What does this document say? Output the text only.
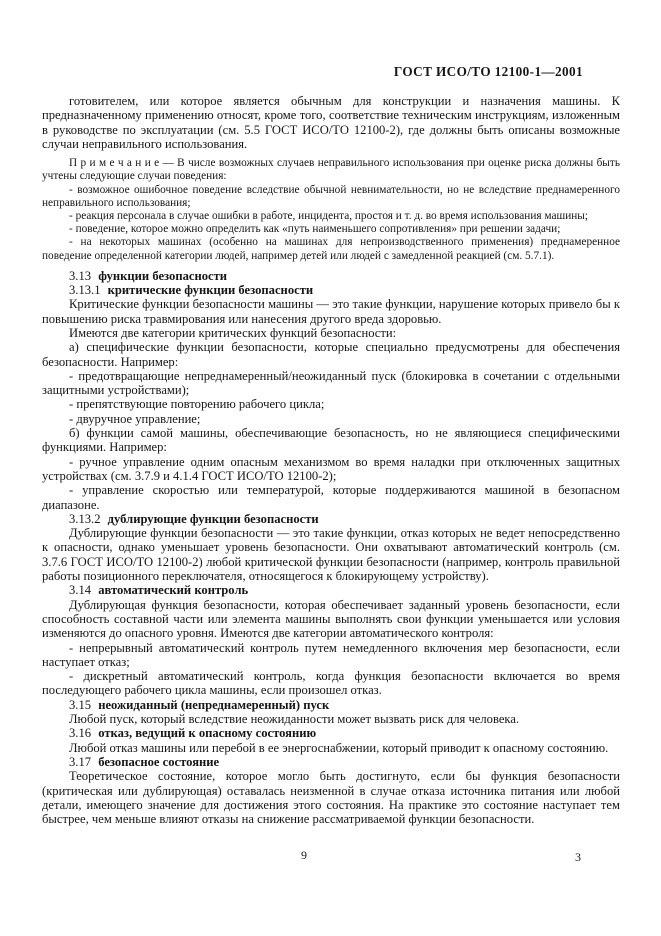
ГОСТ ИСО/ТО 12100-1—2001

готовителем, или которое является обычным для конструкции и назначения машины. К предназначенному применению относят, кроме того, соответствие техническим инструкциям, изложенным в руководстве по эксплуатации (см. 5.5 ГОСТ ИСО/ТО 12100-2), где должны быть описаны возможные случаи неправильного использования.

П р и м е ч а н и е — В числе возможных случаев неправильного использования при оценке риска должны быть учтены следующие случаи поведения:

- возможное ошибочное поведение вследствие обычной невнимательности, но не вследствие преднамеренного неправильного использования;

- реакция персонала в случае ошибки в работе, инцидента, простоя и т. д. во время использования машины;

- поведение, которое можно определить как «путь наименьшего сопротивления» при решении задачи;

- на некоторых машинах (особенно на машинах для непроизводственного применения) преднамеренное поведение определенной категории людей, например детей или людей с замедленной реакцией (см. 5.7.1).

3.13 функции безопасности

3.13.1 критические функции безопасности

Критические функции безопасности машины — это такие функции, нарушение которых привело бы к повышению риска травмирования или нанесения другого вреда здоровью.

Имеются две категории критических функций безопасности:

а) специфические функции безопасности, которые специально предусмотрены для обеспечения безопасности. Например:

- предотвращающие непреднамеренный/неожиданный пуск (блокировка в сочетании с отдельными защитными устройствами);

- препятствующие повторению рабочего цикла;

- двуручное управление;

б) функции самой машины, обеспечивающие безопасность, но не являющиеся специфическими функциями. Например:

- ручное управление одним опасным механизмом во время наладки при отключенных защитных устройствах (см. 3.7.9 и 4.1.4 ГОСТ ИСО/ТО 12100-2);

- управление скоростью или температурой, которые поддерживаются машиной в безопасном диапазоне.

3.13.2 дублирующие функции безопасности

Дублирующие функции безопасности — это такие функции, отказ которых не ведет непосредственно к опасности, однако уменьшает уровень безопасности. Они охватывают автоматический контроль (см. 3.7.6 ГОСТ ИСО/ТО 12100-2) любой критической функции безопасности (например, контроль правильной работы позиционного переключателя, относящегося к блокирующему устройству).

3.14 автоматический контроль

Дублирующая функция безопасности, которая обеспечивает заданный уровень безопасности, если способность составной части или элемента машины выполнять свои функции уменьшается или условия изменяются до опасного уровня. Имеются две категории автоматического контроля:

- непрерывный автоматический контроль путем немедленного включения мер безопасности, если наступает отказ;

- дискретный автоматический контроль, когда функция безопасности включается во время последующего рабочего цикла машины, если произошел отказ.

3.15 неожиданный (непреднамеренный) пуск

Любой пуск, который вследствие неожиданности может вызвать риск для человека.

3.16 отказ, ведущий к опасному состоянию

Любой отказ машины или перебой в ее энергоснабжении, который приводит к опасному состоянию.

3.17 безопасное состояние

Теоретическое состояние, которое могло быть достигнуто, если бы функция безопасности (критическая или дублирующая) оставалась неизменной в случае отказа источника питания или любой детали, имеющего значение для достижения этого состояния. На практике это состояние наступает тем быстрее, чем меньше влияют отказы на снижение рассматриваемой функции безопасности.

9	3
